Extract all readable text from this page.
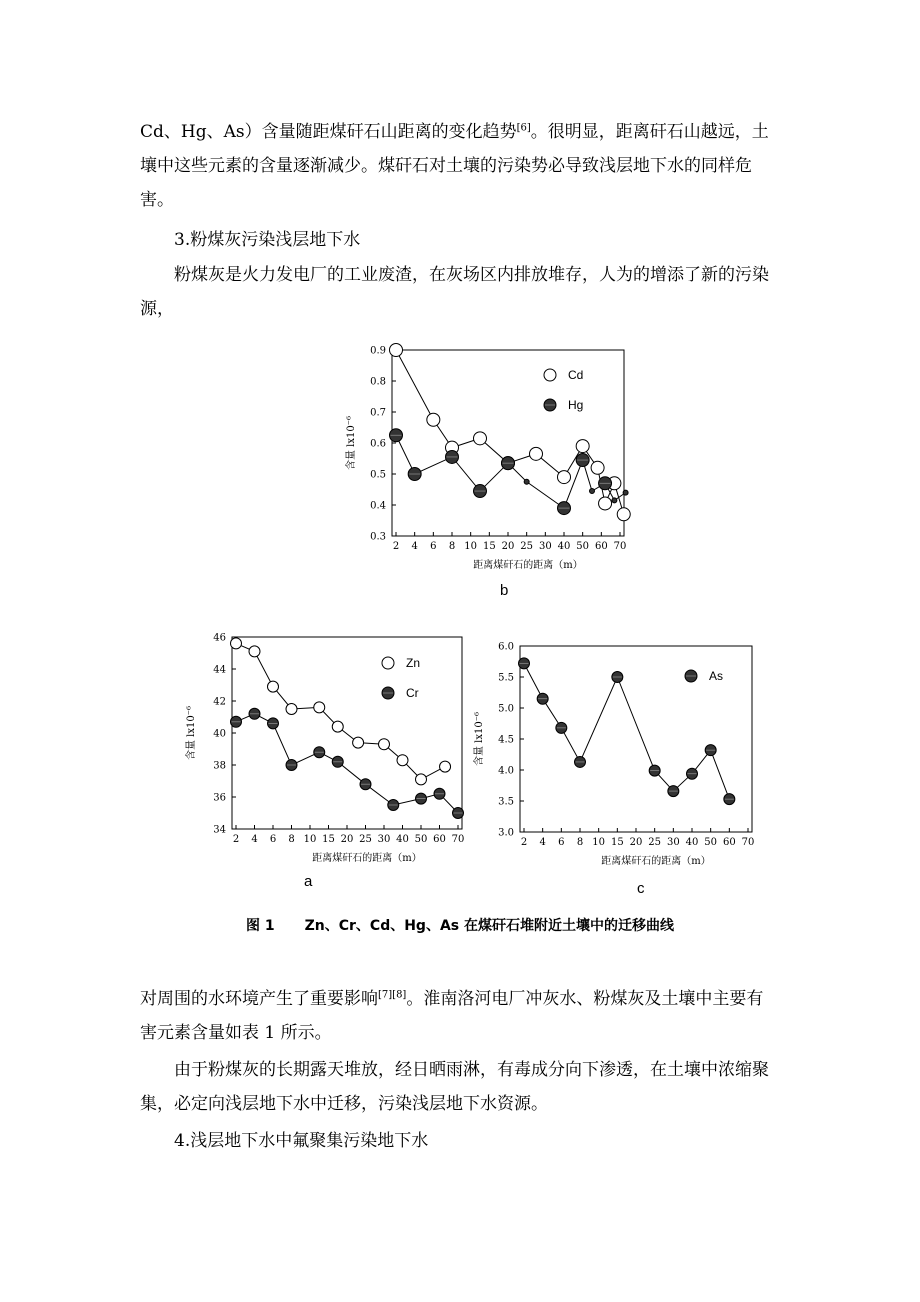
Cd、Hg、As）含量随距煤矸石山距离的变化趋势[6]。很明显，距离矸石山越远，土壤中这些元素的含量逐渐减少。煤矸石对土壤的污染势必导致浅层地下水的同样危害。

3.粉煤灰污染浅层地下水

粉煤灰是火力发电厂的工业废渣，在灰场区内排放堆存，人为的增添了新的污染源，

0.3
0.4
0.5
0.6
0.7
0.8
0.9
2 4 6 8 10 15 20 25 30 40 50 60 70
距离煤矸石的距离（m）
含量 lx10⁻⁶
Cd
Hg
b
34
36
38
40
42
44
46
2 4 6 8 10 15 20 25 30 40 50 60 70
距离煤矸石的距离（m）
含量 lx10⁻⁶
Zn
Cr
a
3.0
3.5
4.0
4.5
5.0
5.5
6.0
2 4 6 8 10 15 20 25 30 40 50 60 70
距离煤矸石的距离（m）
含量 lx10⁻⁶
As
c
图 1 Zn、Cr、Cd、Hg、As 在煤矸石堆附近土壤中的迁移曲线

对周围的水环境产生了重要影响[7][8]。淮南洛河电厂冲灰水、粉煤灰及土壤中主要有害元素含量如表 1 所示。

由于粉煤灰的长期露天堆放，经日晒雨淋，有毒成分向下渗透，在土壤中浓缩聚集，必定向浅层地下水中迁移，污染浅层地下水资源。

4.浅层地下水中氟聚集污染地下水
